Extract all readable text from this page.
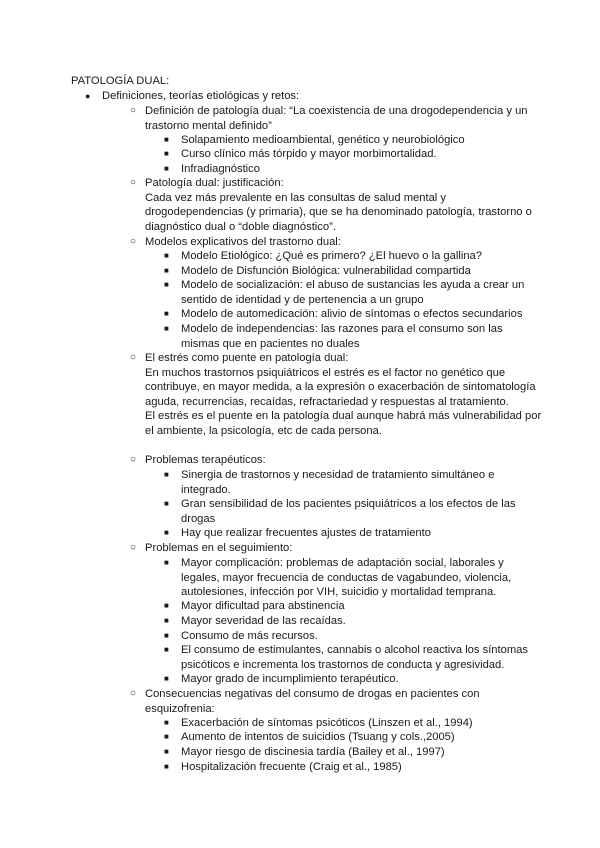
PATOLOGÍA DUAL:
● Definiciones, teorías etiológicas y retos:
○ Definición de patología dual: “La coexistencia de una drogodependencia y un trastorno mental definido”

■ Solapamiento medioambiental, genético y neurobiológico
■ Curso clínico más tórpido y mayor morbimortalidad.
■ Infradiagnóstico
○ Patología dual: justificación:

Cada vez más prevalente en las consultas de salud mental y drogodependencias (y primaria), que se ha denominado patología, trastorno o diagnóstico dual o “doble diagnóstico”.

○ Modelos explicativos del trastorno dual:

■ Modelo Etiológico: ¿Qué es primero? ¿El huevo o la gallina?
■ Modelo de Disfunción Biológica: vulnerabilidad compartida
■ Modelo de socialización: el abuso de sustancias les ayuda a crear un sentido de identidad y de pertenencia a un grupo

■ Modelo de automedicación: alivio de síntomas o efectos secundarios
■ Modelo de independencias: las razones para el consumo son las mismas que en pacientes no duales

○ El estrés como puente en patología dual:

En muchos trastornos psiquiátricos el estrés es el factor no genético que contribuye, en mayor medida, a la expresión o exacerbación de sintomatología aguda, recurrencias, recaídas, refractariedad y respuestas al tratamiento.

El estrés es el puente en la patología dual aunque habrá más vulnerabilidad por el ambiente, la psicología, etc de cada persona.

○ Problemas terapéuticos:

■ Sinergia de trastornos y necesidad de tratamiento simultáneo e integrado.

■ Gran sensibilidad de los pacientes psiquiátricos a los efectos de las drogas

■ Hay que realizar frecuentes ajustes de tratamiento
○ Problemas en el seguimiento:

■ Mayor complicación: problemas de adaptación social, laborales y legales, mayor frecuencia de conductas de vagabundeo, violencia, autolesiones, infección por VIH, suicidio y mortalidad temprana.

■ Mayor dificultad para abstinencia
■ Mayor severidad de las recaídas.
■ Consumo de más recursos.
■ El consumo de estimulantes, cannabis o alcohol reactiva los síntomas psicóticos e incrementa los trastornos de conducta y agresividad.

■ Mayor grado de incumplimiento terapéutico.
○ Consecuencias negativas del consumo de drogas en pacientes con esquizofrenia:

■ Exacerbación de síntomas psicóticos (Linszen et al., 1994)
■ Aumento de intentos de suicidios (Tsuang y cols.,2005)
■ Mayor riesgo de discinesia tardía (Bailey et al., 1997)
■ Hospitalización frecuente (Craig et al., 1985)
